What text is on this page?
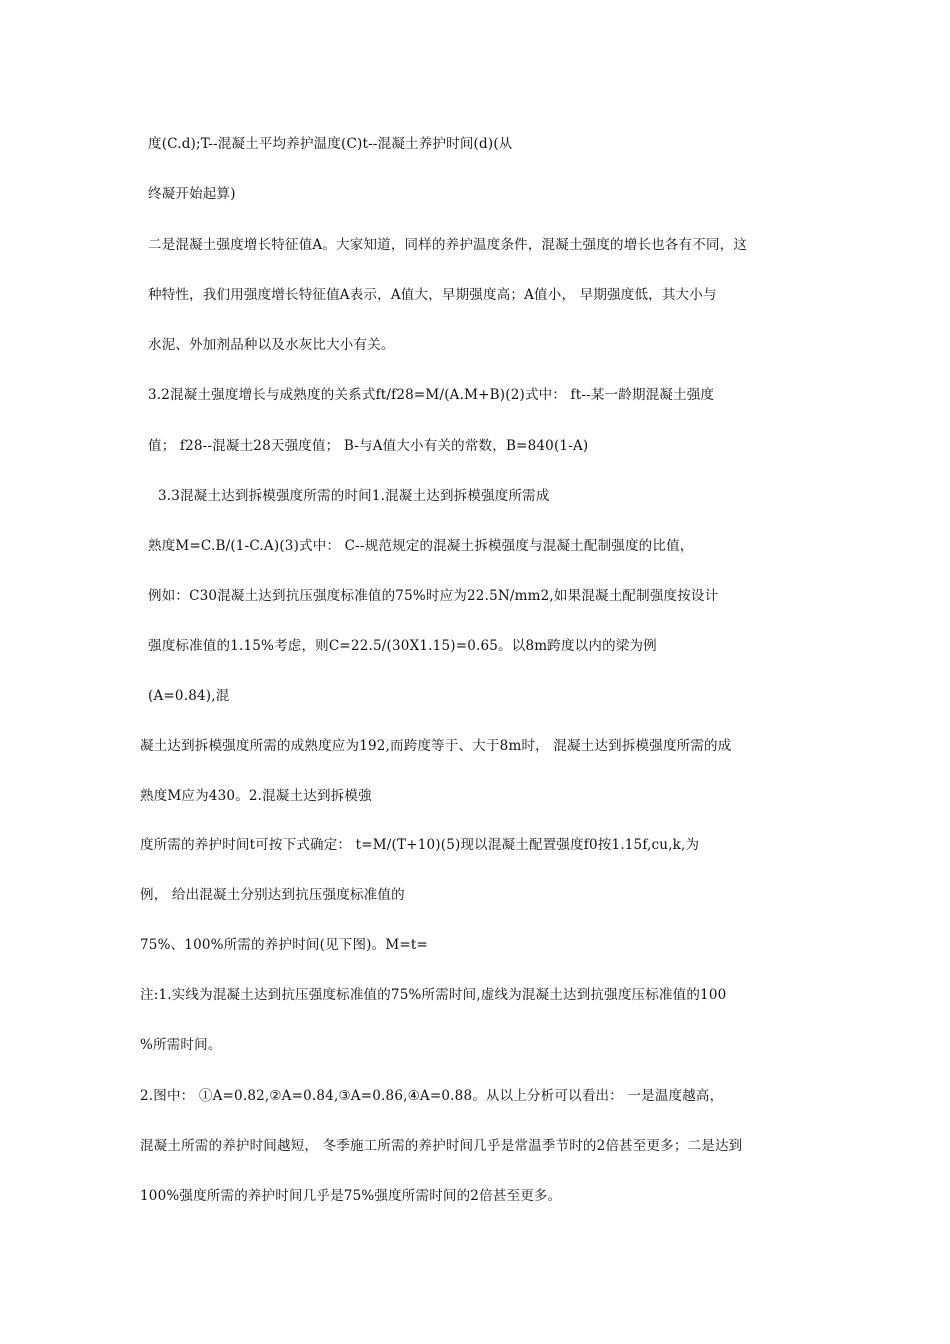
度(C.d);T--混凝土平均养护温度(C)t--混凝土养护时间(d)(从
终凝开始起算)
二是混凝土强度增长特征值A。大家知道，同样的养护温度条件，混凝土强度的增长也各有不同，这
种特性，我们用强度增长特征值A表示，A值大，早期强度高；A值小， 早期强度低，其大小与
水泥、外加剂品种以及水灰比大小有关。
3.2混凝土强度增长与成熟度的关系式ft/f28=M/(A.M+B)(2)式中： ft--某一龄期混凝土强度
值； f28--混凝土28天强度值； B-与A值大小有关的常数，B=840(1-A)
3.3混凝土达到拆模强度所需的时间1.混凝土达到拆模强度所需成
熟度M=C.B/(1-C.A)(3)式中： C--规范规定的混凝土拆模强度与混凝土配制强度的比值，
例如：C30混凝土达到抗压强度标准值的75%时应为22.5N/mm2,如果混凝土配制强度按设计
强度标准值的1.15%考虑，则C=22.5/(30X1.15)=0.65。以8m跨度以内的梁为例
(A=0.84),混
凝土达到拆模强度所需的成熟度应为192,而跨度等于、大于8m时， 混凝土达到拆模强度所需的成
熟度M应为430。2.混凝土达到拆模強
度所需的养护时间t可按下式确定： t=M/(T+10)(5)现以混凝土配置强度f0按1.15f,cu,k,为
例， 给出混凝土分别达到抗压强度标准值的
75%、100%所需的养护时间(见下图)。M=t=
注:1.实线为混凝土达到抗压强度标准值的75%所需时间,虚线为混凝土达到抗强度压标准值的100
%所需时间。
2.图中： ①A=0.82,②A=0.84,③A=0.86,④A=0.88。从以上分析可以看出： 一是温度越高，
混凝土所需的养护时间越短， 冬季施工所需的养护时间几乎是常温季节时的2倍甚至更多；二是达到
100%强度所需的养护时间几乎是75%强度所需时间的2倍甚至更多。
